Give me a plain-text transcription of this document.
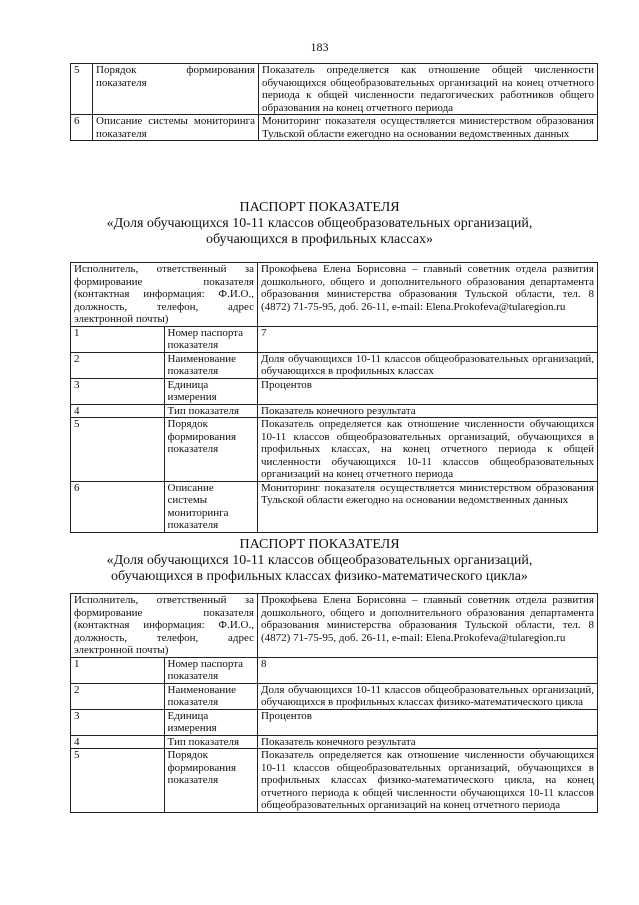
183
5	Порядок формирования показателя	Показатель определяется как отношение общей численности обучающихся общеобразовательных организаций на конец отчетного периода к общей численности педагогических работников общего образования на конец отчетного периода
6	Описание системы мониторинга показателя	Мониторинг показателя осуществляется министерством образования Тульской области ежегодно на основании ведомственных данных
ПАСПОРТ ПОКАЗАТЕЛЯ
«Доля обучающихся 10-11 классов общеобразовательных организаций,
обучающихся в профильных классах»
Исполнитель, ответственный за формирование показателя (контактная информация: Ф.И.О., должность, телефон, адрес электронной почты)		Прокофьева Елена Борисовна – главный советник отдела развития дошкольного, общего и дополнительного образования департамента образования министерства образования Тульской области, тел. 8 (4872) 71-75-95, доб. 26-11, e-mail: Elena.Prokofeva@tularegion.ru
1	Номер паспорта показателя	7
2	Наименование показателя	Доля обучающихся 10-11 классов общеобразовательных организаций, обучающихся в профильных классах
3	Единица измерения	Процентов
4	Тип показателя	Показатель конечного результата
5	Порядок формирования показателя	Показатель определяется как отношение численности обучающихся 10-11 классов общеобразовательных организаций, обучающихся в профильных классах, на конец отчетного периода к общей численности обучающихся 10-11 классов общеобразовательных организаций на конец отчетного периода
6	Описание системы мониторинга показателя	Мониторинг показателя осуществляется министерством образования Тульской области ежегодно на основании ведомственных данных
ПАСПОРТ ПОКАЗАТЕЛЯ
«Доля обучающихся 10-11 классов общеобразовательных организаций,
обучающихся в профильных классах физико-математического цикла»
Исполнитель, ответственный за формирование показателя (контактная информация: Ф.И.О., должность, телефон, адрес электронной почты)		Прокофьева Елена Борисовна – главный советник отдела развития дошкольного, общего и дополнительного образования департамента образования министерства образования Тульской области, тел. 8 (4872) 71-75-95, доб. 26-11, e-mail: Elena.Prokofeva@tularegion.ru
1	Номер паспорта показателя	8
2	Наименование показателя	Доля обучающихся 10-11 классов общеобразовательных организаций, обучающихся в профильных классах физико-математического цикла
3	Единица измерения	Процентов
4	Тип показателя	Показатель конечного результата
5	Порядок формирования показателя	Показатель определяется как отношение численности обучающихся 10-11 классов общеобразовательных организаций, обучающихся в профильных классах физико-математического цикла, на конец отчетного периода к общей численности обучающихся 10-11 классов общеобразовательных организаций на конец отчетного периода
